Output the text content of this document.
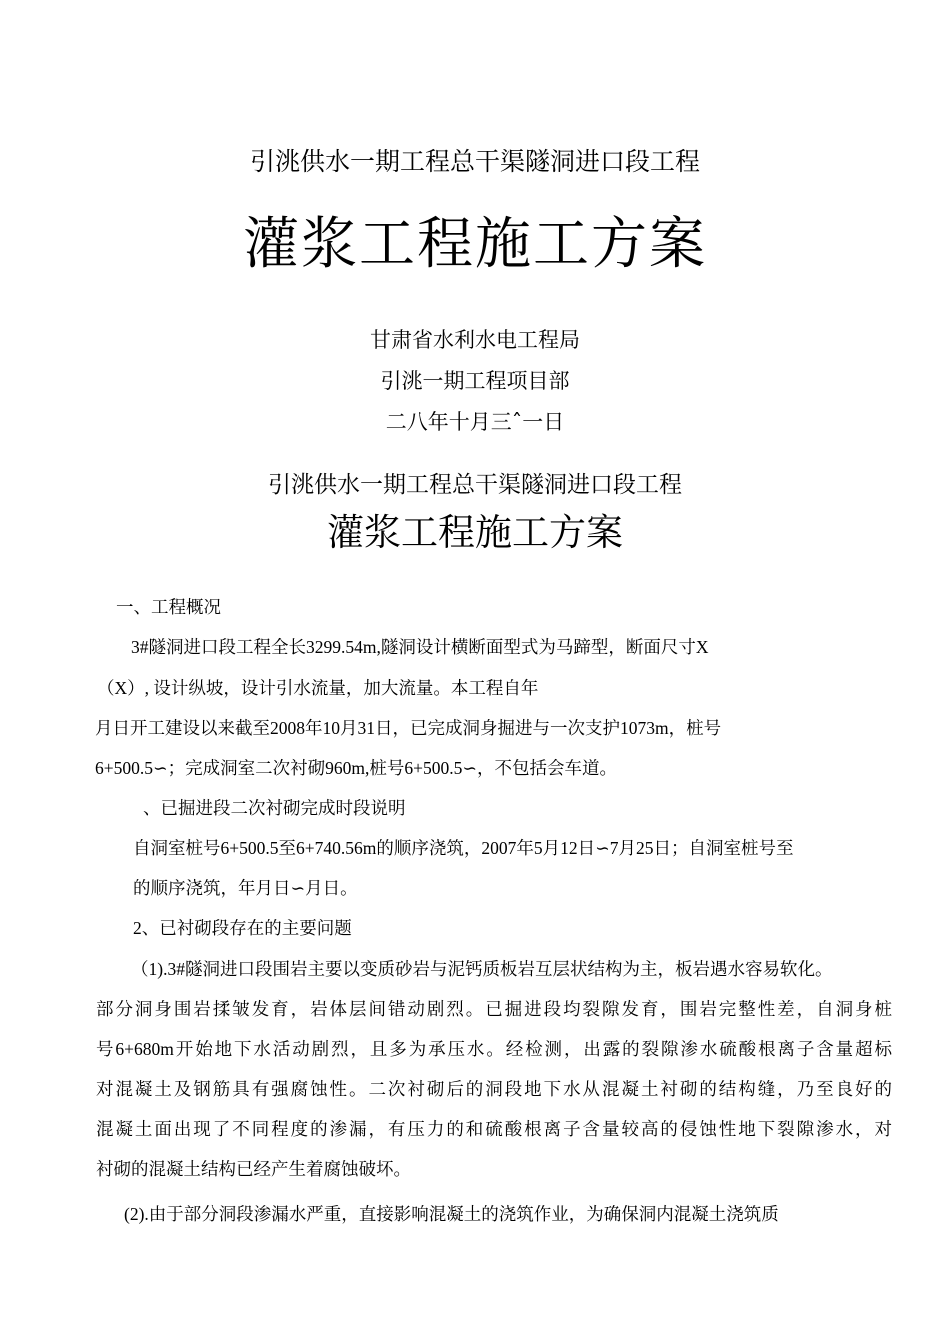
引洮供水一期工程总干渠隧洞进口段工程
灌浆工程施工方案
甘肃省水利水电工程局
引洮一期工程项目部
二八年十月三ˆ一日
引洮供水一期工程总干渠隧洞进口段工程
灌浆工程施工方案
一、工程概况
3#隧洞进口段工程全长3299.54m,隧洞设计横断面型式为马蹄型，断面尺寸X
（X）, 设计纵坡，设计引水流量，加大流量。本工程自年
月日开工建设以来截至2008年10月31日，已完成洞身掘进与一次支护1073m，桩号
6+500.5∽；完成洞室二次衬砌960m,桩号6+500.5∽，不包括会车道。
、已掘进段二次衬砌完成时段说明
自洞室桩号6+500.5至6+740.56m的顺序浇筑，2007年5月12日∽7月25日；自洞室桩号至
的顺序浇筑，年月日∽月日。
2、已衬砌段存在的主要问题
（1).3#隧洞进口段围岩主要以变质砂岩与泥钙质板岩互层状结构为主，板岩遇水容易软化。
部分洞身围岩揉皱发育，岩体层间错动剧烈。已掘进段均裂隙发育，围岩完整性差，自洞身桩
号6+680m开始地下水活动剧烈，且多为承压水。经检测，出露的裂隙渗水硫酸根离子含量超标
对混凝土及钢筋具有强腐蚀性。二次衬砌后的洞段地下水从混凝土衬砌的结构缝，乃至良好的
混凝土面出现了不同程度的渗漏，有压力的和硫酸根离子含量较高的侵蚀性地下裂隙渗水，对
衬砌的混凝土结构已经产生着腐蚀破坏。
(2).由于部分洞段渗漏水严重，直接影响混凝土的浇筑作业，为确保洞内混凝土浇筑质
